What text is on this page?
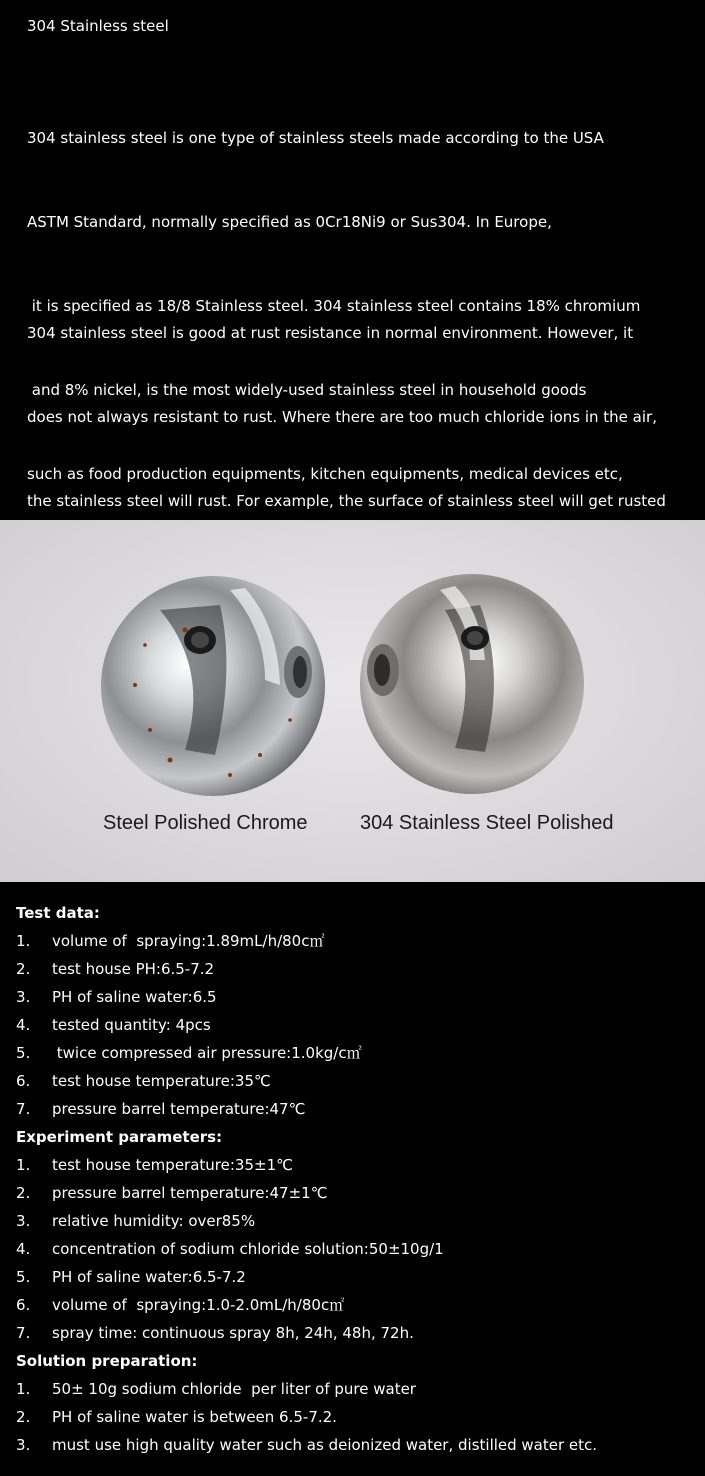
304 Stainless steel

304 stainless steel is one type of stainless steels made according to the USA

ASTM Standard, normally specified as 0Cr18Ni9 or Sus304. In Europe,

it is specified as 18/8 Stainless steel. 304 stainless steel contains 18% chromium

and 8% nickel, is the most widely-used stainless steel in household goods

such as food production equipments, kitchen equipments, medical devices etc,

304 stainless steel is good at rust resistance in normal environment. However, it

does not always resistant to rust. Where there are too much chloride ions in the air,

the stainless steel will rust. For example, the surface of stainless steel will get rusted

Steel Polished Chrome	304 Stainless Steel Polished
Test data:
1. volume of  spraying:1.89mL/h/80c㎡
2. test house PH:6.5-7.2
3. PH of saline water:6.5
4. tested quantity: 4pcs
5. twice compressed air pressure:1.0kg/c㎡
6. test house temperature:35℃
7. pressure barrel temperature:47℃
Experiment parameters:
1. test house temperature:35±1℃
2. pressure barrel temperature:47±1℃
3. relative humidity: over85%
4. concentration of sodium chloride solution:50±10g/1
5. PH of saline water:6.5-7.2
6. volume of  spraying:1.0-2.0mL/h/80c㎡
7. spray time: continuous spray 8h, 24h, 48h, 72h.
Solution preparation:
1. 50± 10g sodium chloride  per liter of pure water
2. PH of saline water is between 6.5-7.2.
3. must use high quality water such as deionized water, distilled water etc.
